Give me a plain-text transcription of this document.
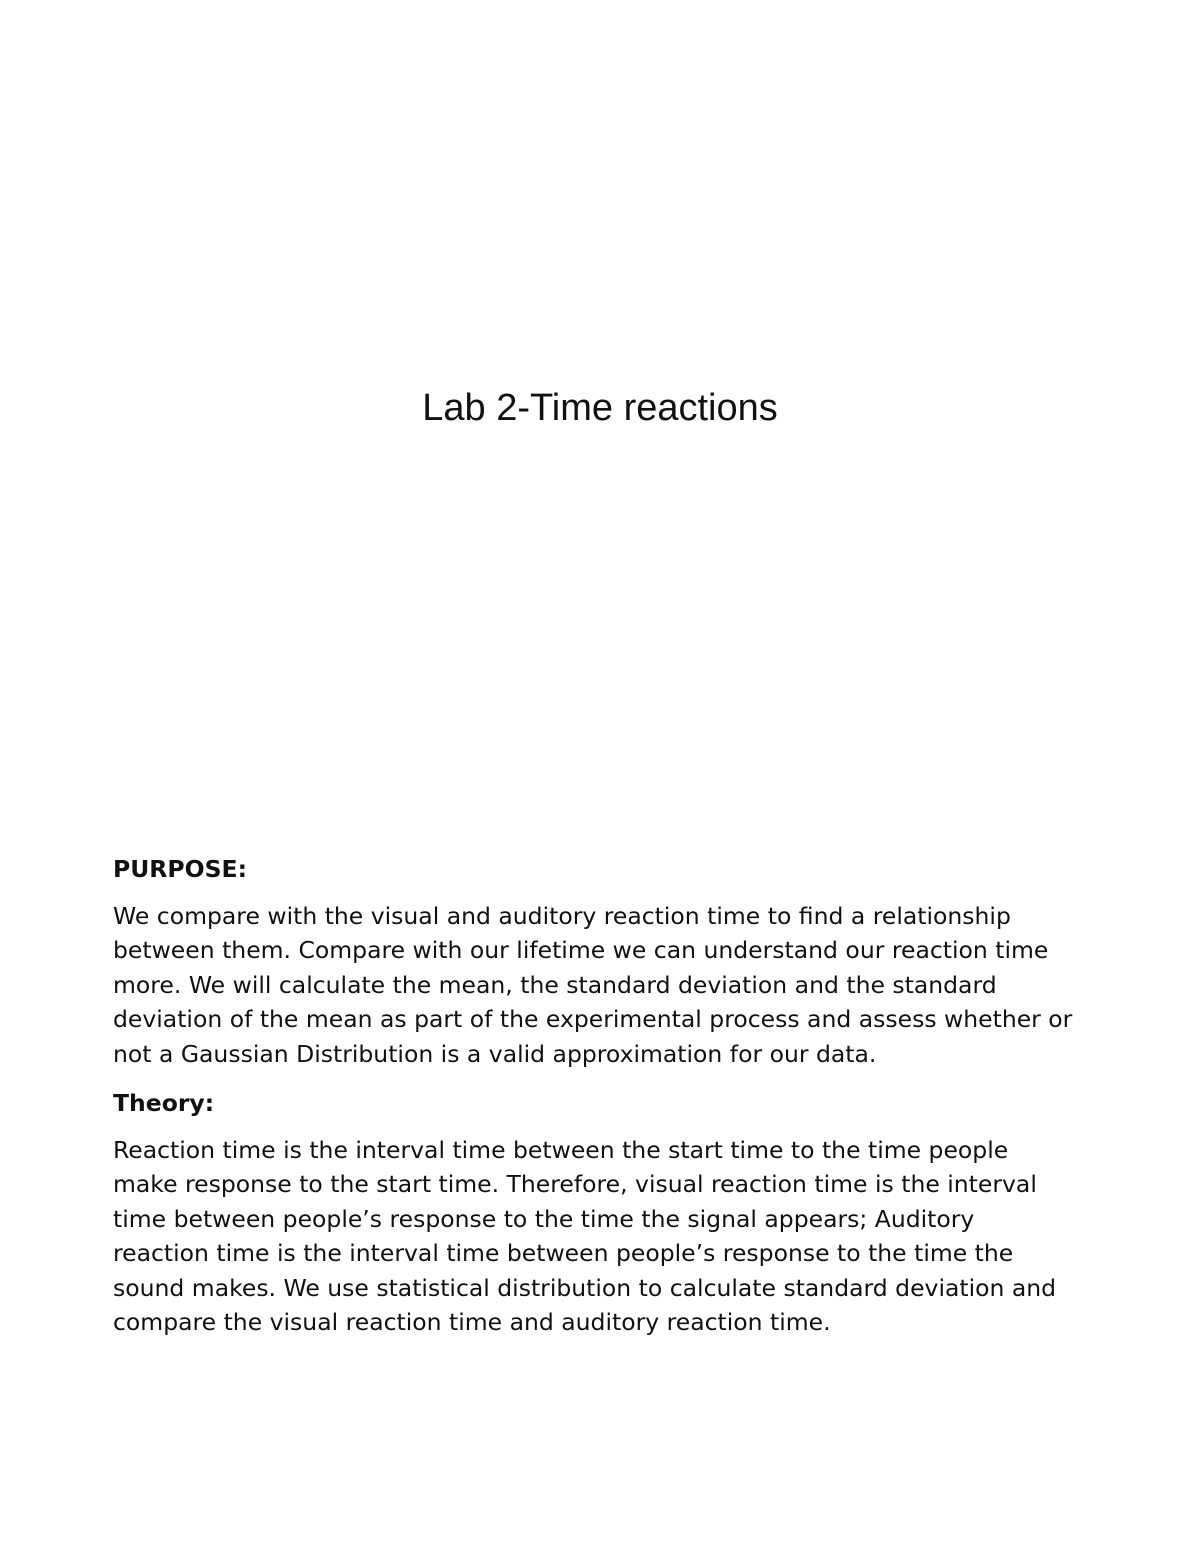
Lab 2-Time reactions

PURPOSE:

We compare with the visual and auditory reaction time to find a relationship between them. Compare with our lifetime we can understand our reaction time more. We will calculate the mean, the standard deviation and the standard deviation of the mean as part of the experimental process and assess whether or not a Gaussian Distribution is a valid approximation for our data.

Theory:

Reaction time is the interval time between the start time to the time people make response to the start time. Therefore, visual reaction time is the interval time between people’s response to the time the signal appears; Auditory reaction time is the interval time between people’s response to the time the sound makes. We use statistical distribution to calculate standard deviation and compare the visual reaction time and auditory reaction time.
